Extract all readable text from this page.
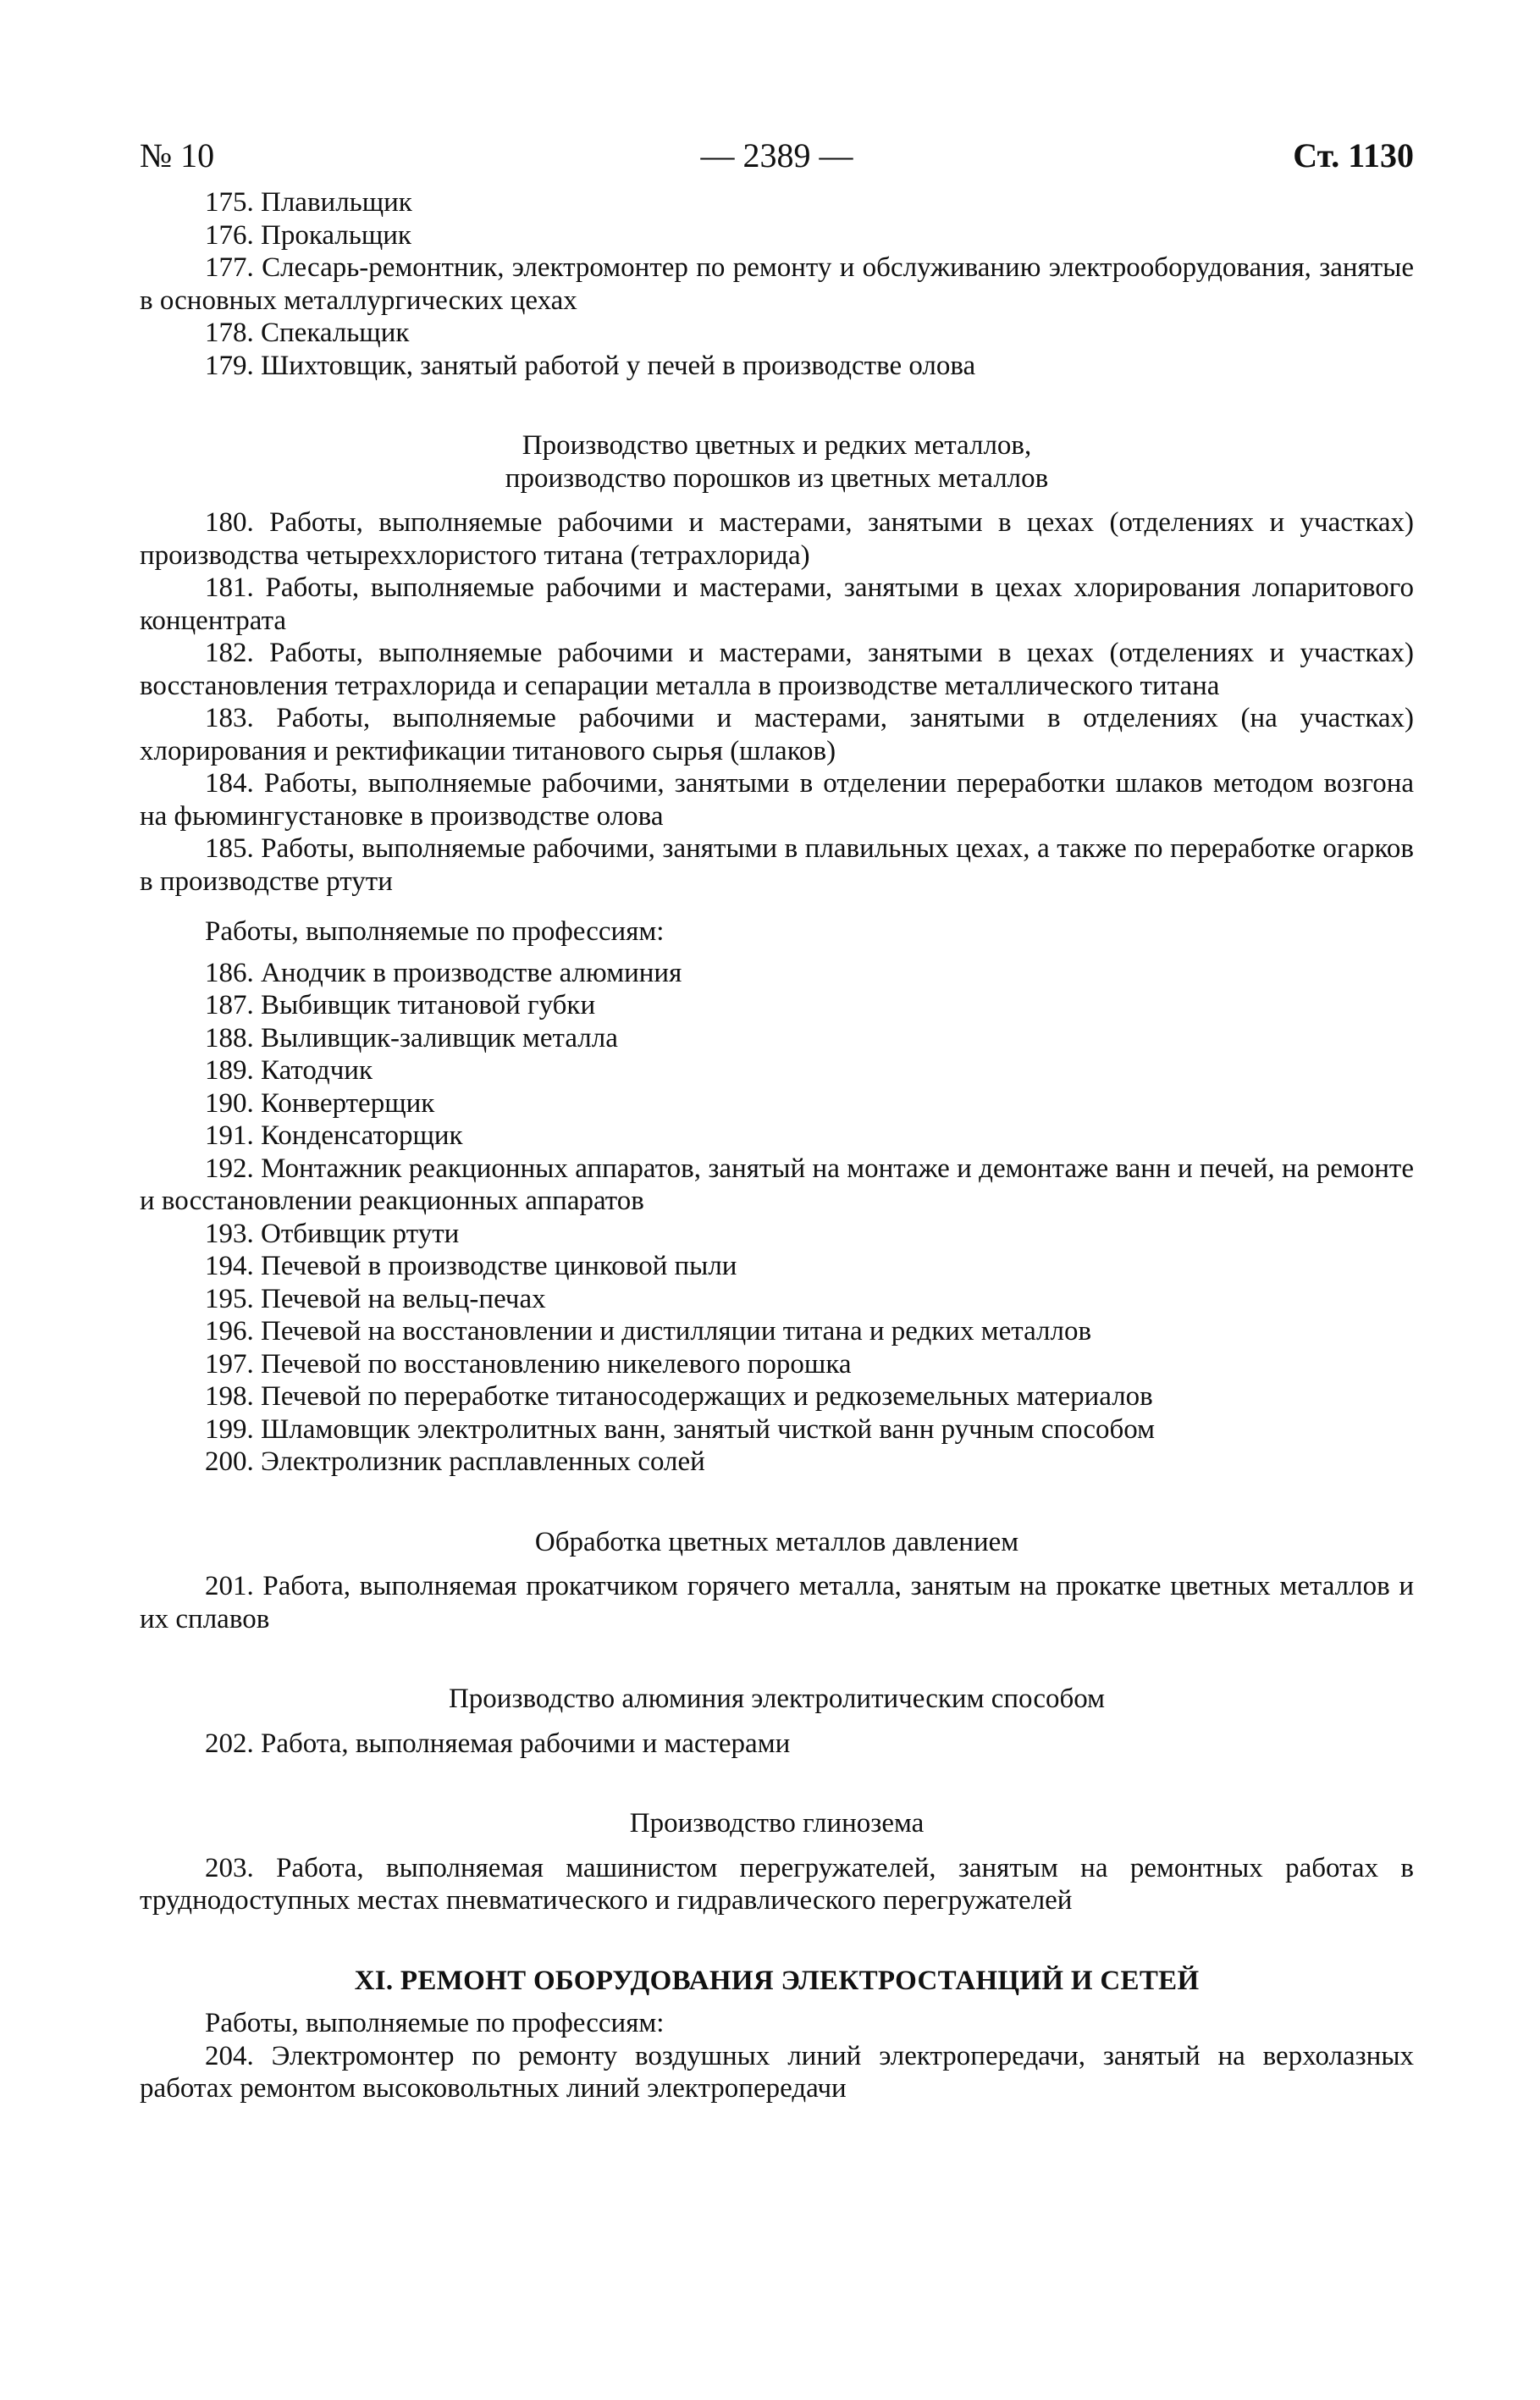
№ 10	— 2389 —	Ст. 1130

175. Плавильщик

176. Прокальщик

177. Слесарь-ремонтник, электромонтер по ремонту и обслуживанию электрооборудования, занятые в основных металлургических цехах

178. Спекальщик

179. Шихтовщик, занятый работой у печей в производстве олова

Производство цветных и редких металлов,
производство порошков из цветных металлов

180. Работы, выполняемые рабочими и мастерами, занятыми в цехах (отделениях и участках) производства четыреххлористого титана (тетрахлорида)

181. Работы, выполняемые рабочими и мастерами, занятыми в цехах хлорирования лопаритового концентрата

182. Работы, выполняемые рабочими и мастерами, занятыми в цехах (отделениях и участках) восстановления тетрахлорида и сепарации металла в производстве металлического титана

183. Работы, выполняемые рабочими и мастерами, занятыми в отделениях (на участках) хлорирования и ректификации титанового сырья (шлаков)

184. Работы, выполняемые рабочими, занятыми в отделении переработки шлаков методом возгона на фьюмингустановке в производстве олова

185. Работы, выполняемые рабочими, занятыми в плавильных цехах, а также по переработке огарков в производстве ртути

Работы, выполняемые по профессиям:

186. Анодчик в производстве алюминия

187. Выбивщик титановой губки

188. Выливщик-заливщик металла

189. Катодчик

190. Конвертерщик

191. Конденсаторщик

192. Монтажник реакционных аппаратов, занятый на монтаже и демонтаже ванн и печей, на ремонте и восстановлении реакционных аппаратов

193. Отбивщик ртути

194. Печевой в производстве цинковой пыли

195. Печевой на вельц-печах

196. Печевой на восстановлении и дистилляции титана и редких металлов

197. Печевой по восстановлению никелевого порошка

198. Печевой по переработке титаносодержащих и редкоземельных материалов

199. Шламовщик электролитных ванн, занятый чисткой ванн ручным способом

200. Электролизник расплавленных солей

Обработка цветных металлов давлением

201. Работа, выполняемая прокатчиком горячего металла, занятым на прокатке цветных металлов и их сплавов

Производство алюминия электролитическим способом

202. Работа, выполняемая рабочими и мастерами

Производство глинозема

203. Работа, выполняемая машинистом перегружателей, занятым на ремонтных работах в труднодоступных местах пневматического и гидравлического перегружателей

XI. РЕМОНТ ОБОРУДОВАНИЯ ЭЛЕКТРОСТАНЦИЙ И СЕТЕЙ

Работы, выполняемые по профессиям:

204. Электромонтер по ремонту воздушных линий электропередачи, занятый на верхолазных работах ремонтом высоковольтных линий электропередачи
